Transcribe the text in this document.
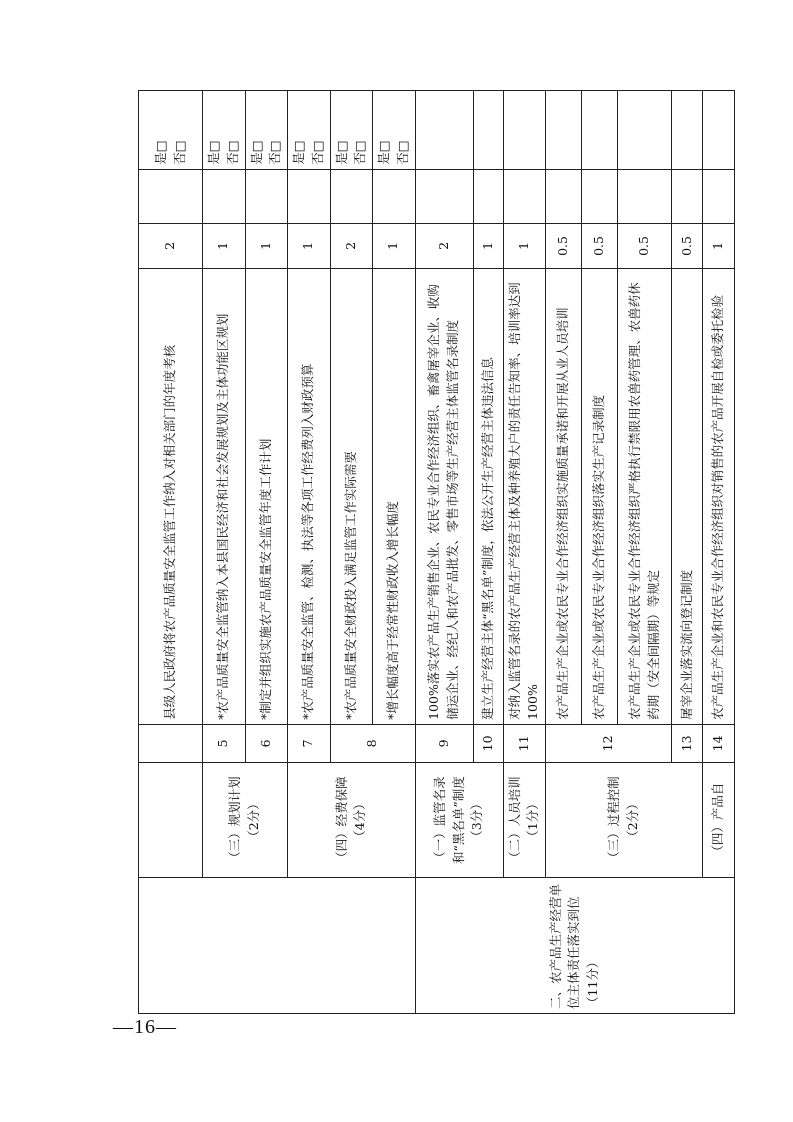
			县级人民政府将农产品质量安全监管工作纳入对相关部门的年度考核	2		是□ 否□

	（三）规划计划（2分）	5	*农产品质量安全监管纳入本县国民经济和社会发展规划及主体功能区规划	1		是□ 否□

		6	*制定并组织实施农产品质量安全监管年度工作计划	1		是□ 否□

	（四）经费保障（4分）	7	*农产品质量安全监管、检测、执法等各项工作经费列入财政预算	1		是□ 否□

		8	*农产品质量安全财政投入满足监管工作实际需要	2		是□ 否□

			*增长幅度高于经常性财政收入增长幅度	1		是□ 否□

二、农产品生产经营单位主体责任落实到位（11分）	（一）监管名录和“黑名单”制度（3分）	9	100%落实农产品生产销售企业、农民专业合作经济组织、畜禽屠宰企业、收购储运企业、经纪人和农产品批发、零售市场等生产经营主体监管名录制度	2		
		10	建立生产经营主体“黑名单”制度，依法公开生产经营主体违法信息	1		

	（二）人员培训（1分）	11	对纳入监管名录的农产品生产经营主体及种养殖大户的责任告知率、培训率达到100%	1		

	（三）过程控制（2分）	12	农产品生产企业或农民专业合作经济组织实施质量承诺和开展从业人员培训	0.5		
			农产品生产企业或农民专业合作经济组织落实生产记录制度	0.5		
			农产品生产企业或农民专业合作经济组织严格执行禁限用农兽药管理、农兽药休药期（安全间隔期）等规定	0.5		
		13	屠宰企业落实流向登记制度	0.5		

	（四）产品自	14	农产品生产企业和农民专业合作经济组织对销售的农产品开展自检或委托检验	1		
—16—
